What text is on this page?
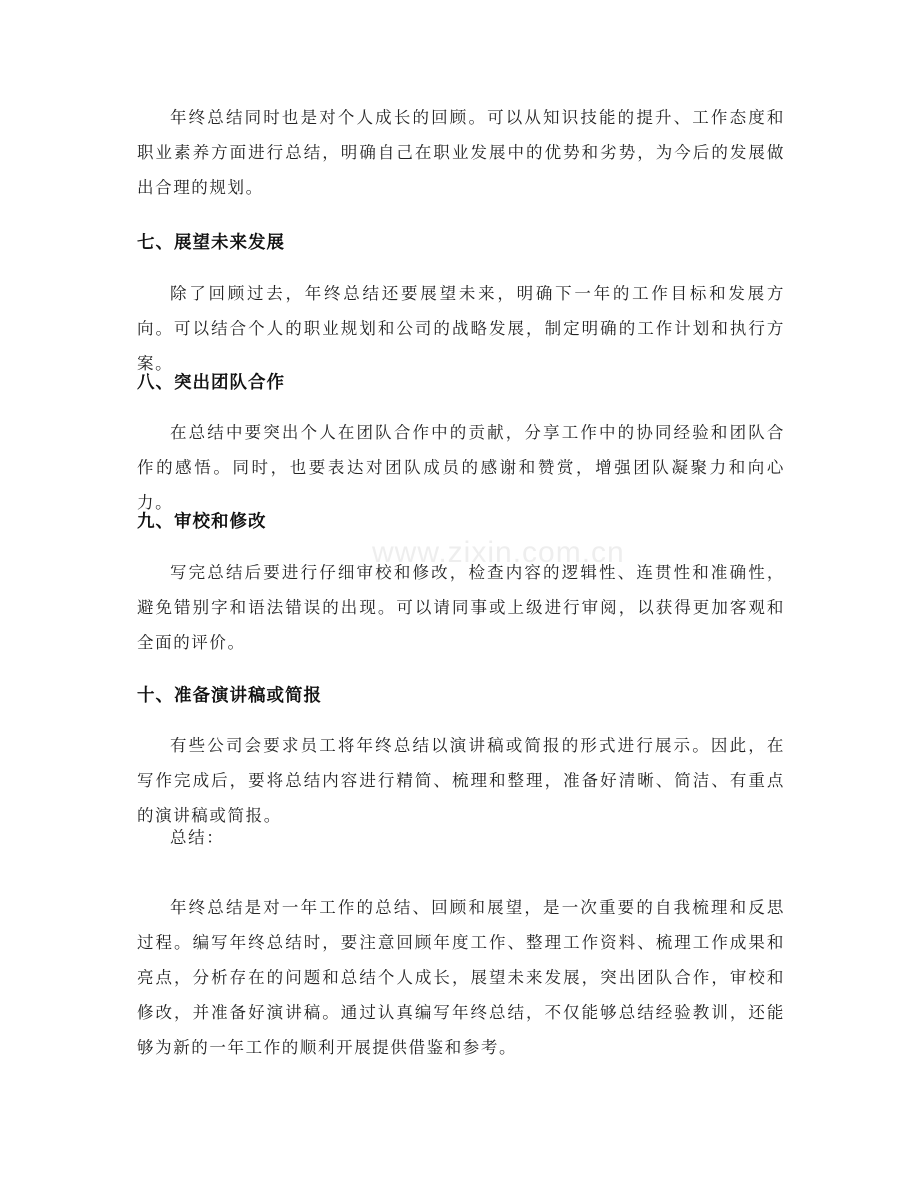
年终总结同时也是对个人成长的回顾。可以从知识技能的提升、工作态度和职业素养方面进行总结，明确自己在职业发展中的优势和劣势，为今后的发展做出合理的规划。

七、展望未来发展

除了回顾过去，年终总结还要展望未来，明确下一年的工作目标和发展方向。可以结合个人的职业规划和公司的战略发展，制定明确的工作计划和执行方案。

八、突出团队合作

在总结中要突出个人在团队合作中的贡献，分享工作中的协同经验和团队合作的感悟。同时，也要表达对团队成员的感谢和赞赏，增强团队凝聚力和向心力。

九、审校和修改

写完总结后要进行仔细审校和修改，检查内容的逻辑性、连贯性和准确性，避免错别字和语法错误的出现。可以请同事或上级进行审阅，以获得更加客观和全面的评价。

十、准备演讲稿或简报

有些公司会要求员工将年终总结以演讲稿或简报的形式进行展示。因此，在写作完成后，要将总结内容进行精简、梳理和整理，准备好清晰、简洁、有重点的演讲稿或简报。

总结：

年终总结是对一年工作的总结、回顾和展望，是一次重要的自我梳理和反思过程。编写年终总结时，要注意回顾年度工作、整理工作资料、梳理工作成果和亮点，分析存在的问题和总结个人成长，展望未来发展，突出团队合作，审校和修改，并准备好演讲稿。通过认真编写年终总结，不仅能够总结经验教训，还能够为新的一年工作的顺利开展提供借鉴和参考。

www.zixin.com.cn
